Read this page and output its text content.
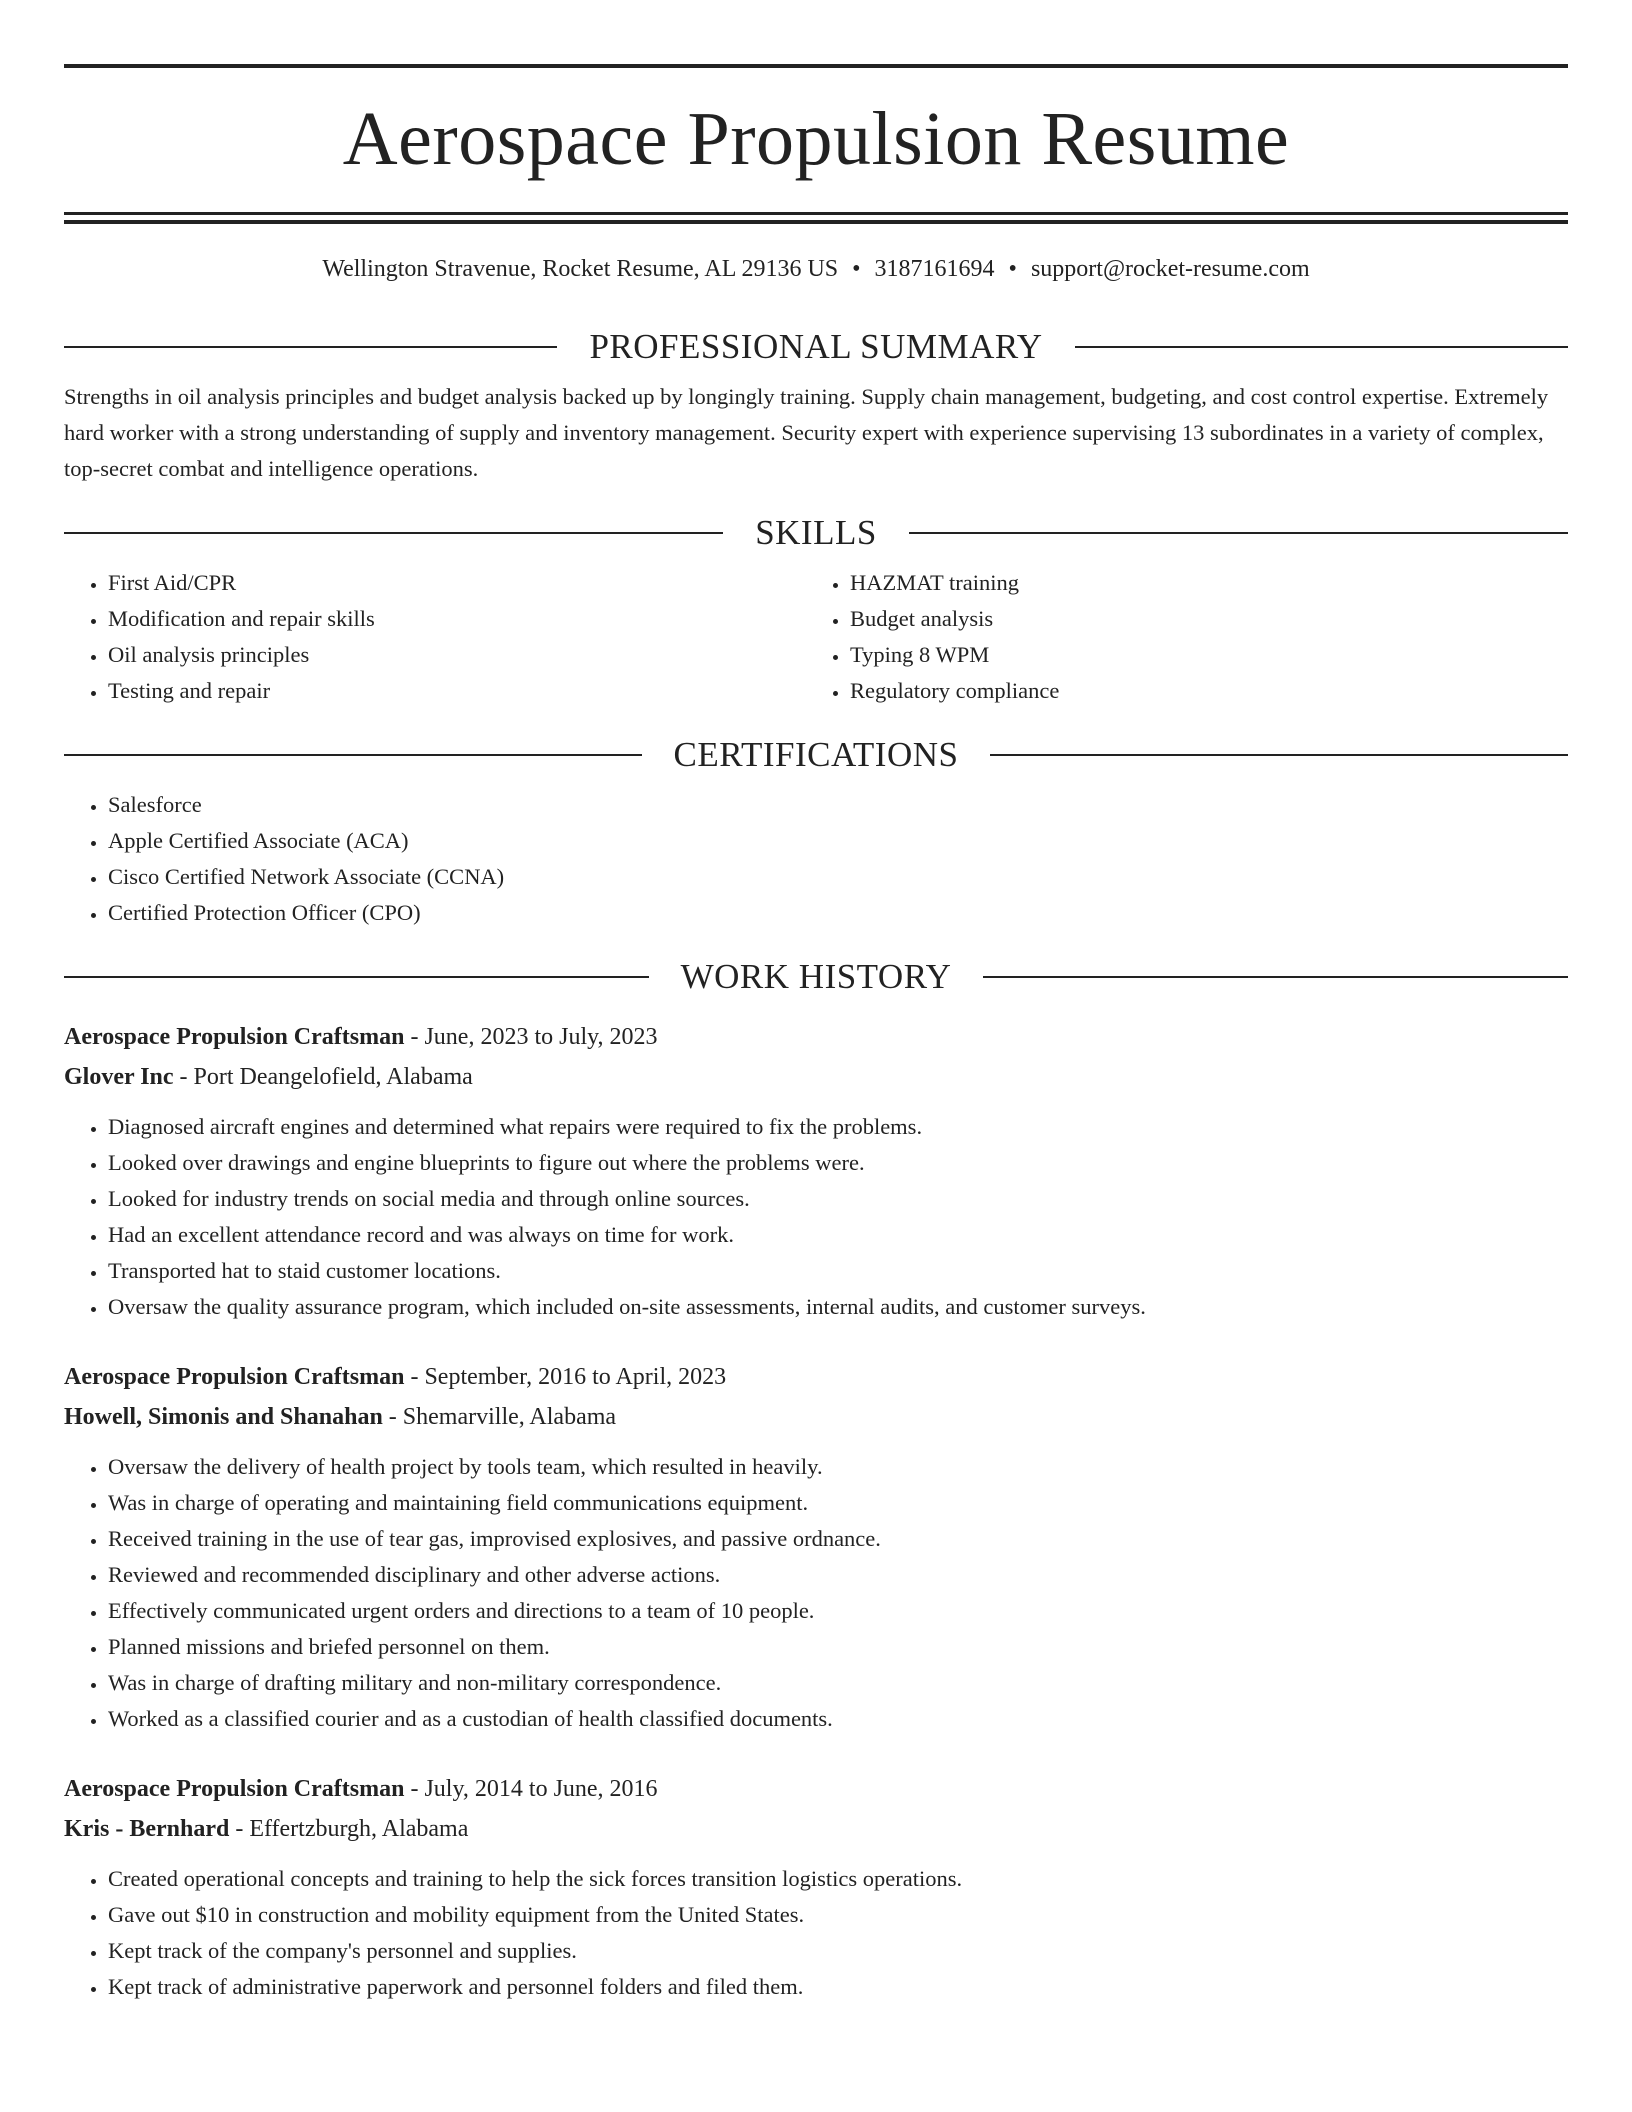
Aerospace Propulsion Resume
Wellington Stravenue, Rocket Resume, AL 29136 US • 3187161694 • support@rocket-resume.com
PROFESSIONAL SUMMARY
Strengths in oil analysis principles and budget analysis backed up by longingly training. Supply chain management, budgeting, and cost control expertise. Extremely hard worker with a strong understanding of supply and inventory management. Security expert with experience supervising 13 subordinates in a variety of complex, top-secret combat and intelligence operations.
SKILLS
• First Aid/CPR
• Modification and repair skills
• Oil analysis principles
• Testing and repair
• HAZMAT training
• Budget analysis
• Typing 8 WPM
• Regulatory compliance
CERTIFICATIONS
• Salesforce
• Apple Certified Associate (ACA)
• Cisco Certified Network Associate (CCNA)
• Certified Protection Officer (CPO)
WORK HISTORY
Aerospace Propulsion Craftsman - June, 2023 to July, 2023
Glover Inc - Port Deangelofield, Alabama
• Diagnosed aircraft engines and determined what repairs were required to fix the problems.
• Looked over drawings and engine blueprints to figure out where the problems were.
• Looked for industry trends on social media and through online sources.
• Had an excellent attendance record and was always on time for work.
• Transported hat to staid customer locations.
• Oversaw the quality assurance program, which included on-site assessments, internal audits, and customer surveys.
Aerospace Propulsion Craftsman - September, 2016 to April, 2023
Howell, Simonis and Shanahan - Shemarville, Alabama
• Oversaw the delivery of health project by tools team, which resulted in heavily.
• Was in charge of operating and maintaining field communications equipment.
• Received training in the use of tear gas, improvised explosives, and passive ordnance.
• Reviewed and recommended disciplinary and other adverse actions.
• Effectively communicated urgent orders and directions to a team of 10 people.
• Planned missions and briefed personnel on them.
• Was in charge of drafting military and non-military correspondence.
• Worked as a classified courier and as a custodian of health classified documents.
Aerospace Propulsion Craftsman - July, 2014 to June, 2016
Kris - Bernhard - Effertzburgh, Alabama
• Created operational concepts and training to help the sick forces transition logistics operations.
• Gave out $10 in construction and mobility equipment from the United States.
• Kept track of the company's personnel and supplies.
• Kept track of administrative paperwork and personnel folders and filed them.
